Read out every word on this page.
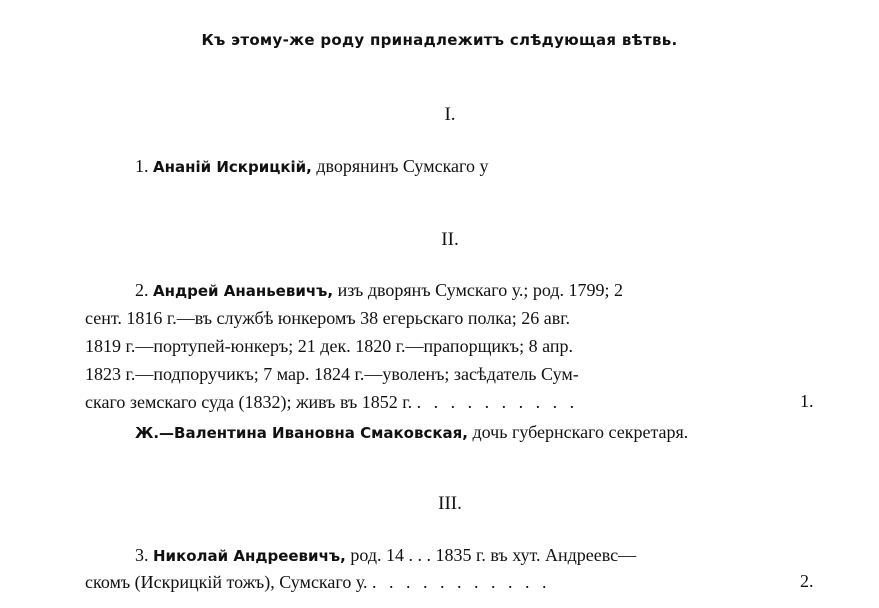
Къ этому-же роду принадлежитъ слѣдующая вѣтвь.
I.
1. Ананій Искрицкій, дворянинъ Сумскаго у
II.
2. Андрей Ананьевичъ, изъ дворянъ Сумскаго у.; род. 1799; 2
сент. 1816 г.—въ службѣ юнкеромъ 38 егерьскаго полка; 26 авг.
1819 г.—портупей-юнкеръ; 21 дек. 1820 г.—прапорщикъ; 8 апр.
1823 г.—подпоручикъ; 7 мар. 1824 г.—уволенъ; засѣдатель Сум-
скаго земскаго суда (1832); живъ въ 1852 г. . . . . . . . . . .	1.
Ж.—Валентина Ивановна Смаковская, дочь губернскаго секретаря.
III.
3. Николай Андреевичъ, род. 14 . . . 1835 г. въ хут. Андреевс—
скомъ (Искрицкій тожъ), Сумскаго у. . . . . . . . . . . .	2.
